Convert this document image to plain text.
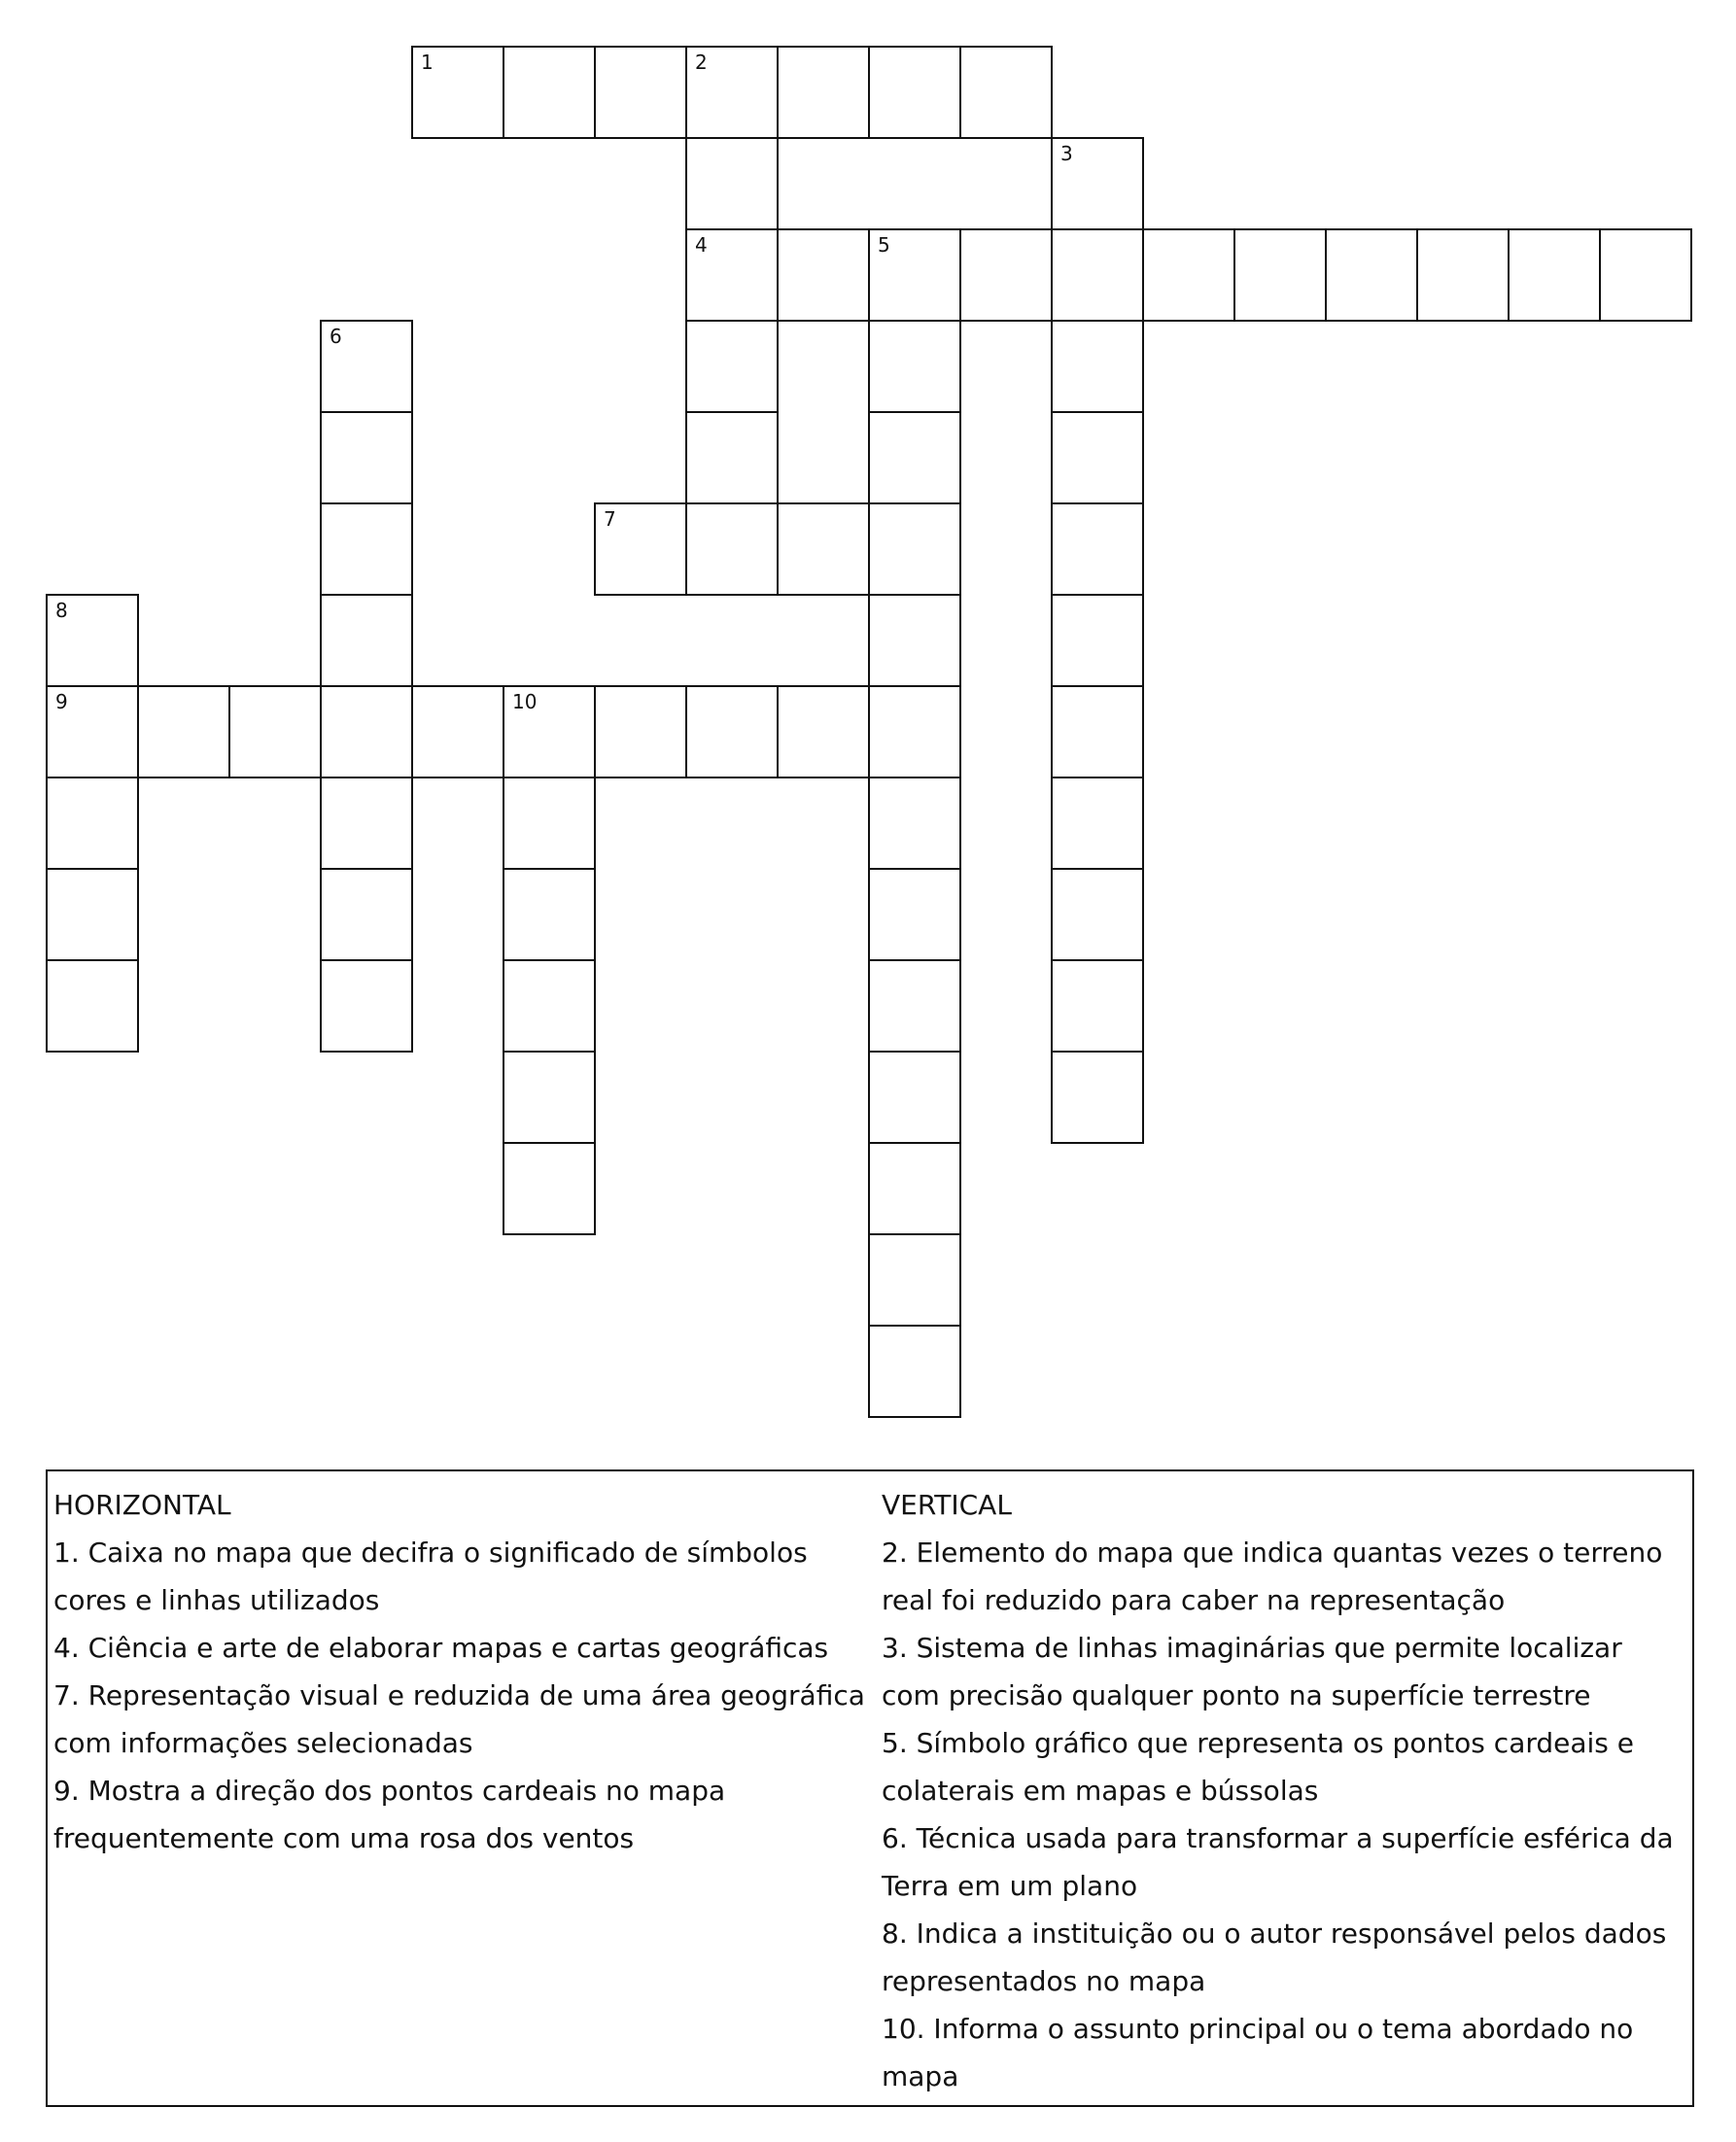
1	2
3
4	5
6
7
8
9	10
HORIZONTAL
1. Caixa no mapa que decifra o significado de símbolos cores e linhas utilizados
4. Ciência e arte de elaborar mapas e cartas geográficas
7. Representação visual e reduzida de uma área geográfica com informações selecionadas
9. Mostra a direção dos pontos cardeais no mapa frequentemente com uma rosa dos ventos
VERTICAL
2. Elemento do mapa que indica quantas vezes o terreno real foi reduzido para caber na representação
3. Sistema de linhas imaginárias que permite localizar com precisão qualquer ponto na superfície terrestre
5. Símbolo gráfico que representa os pontos cardeais e colaterais em mapas e bússolas
6. Técnica usada para transformar a superfície esférica da Terra em um plano
8. Indica a instituição ou o autor responsável pelos dados representados no mapa
10. Informa o assunto principal ou o tema abordado no mapa
